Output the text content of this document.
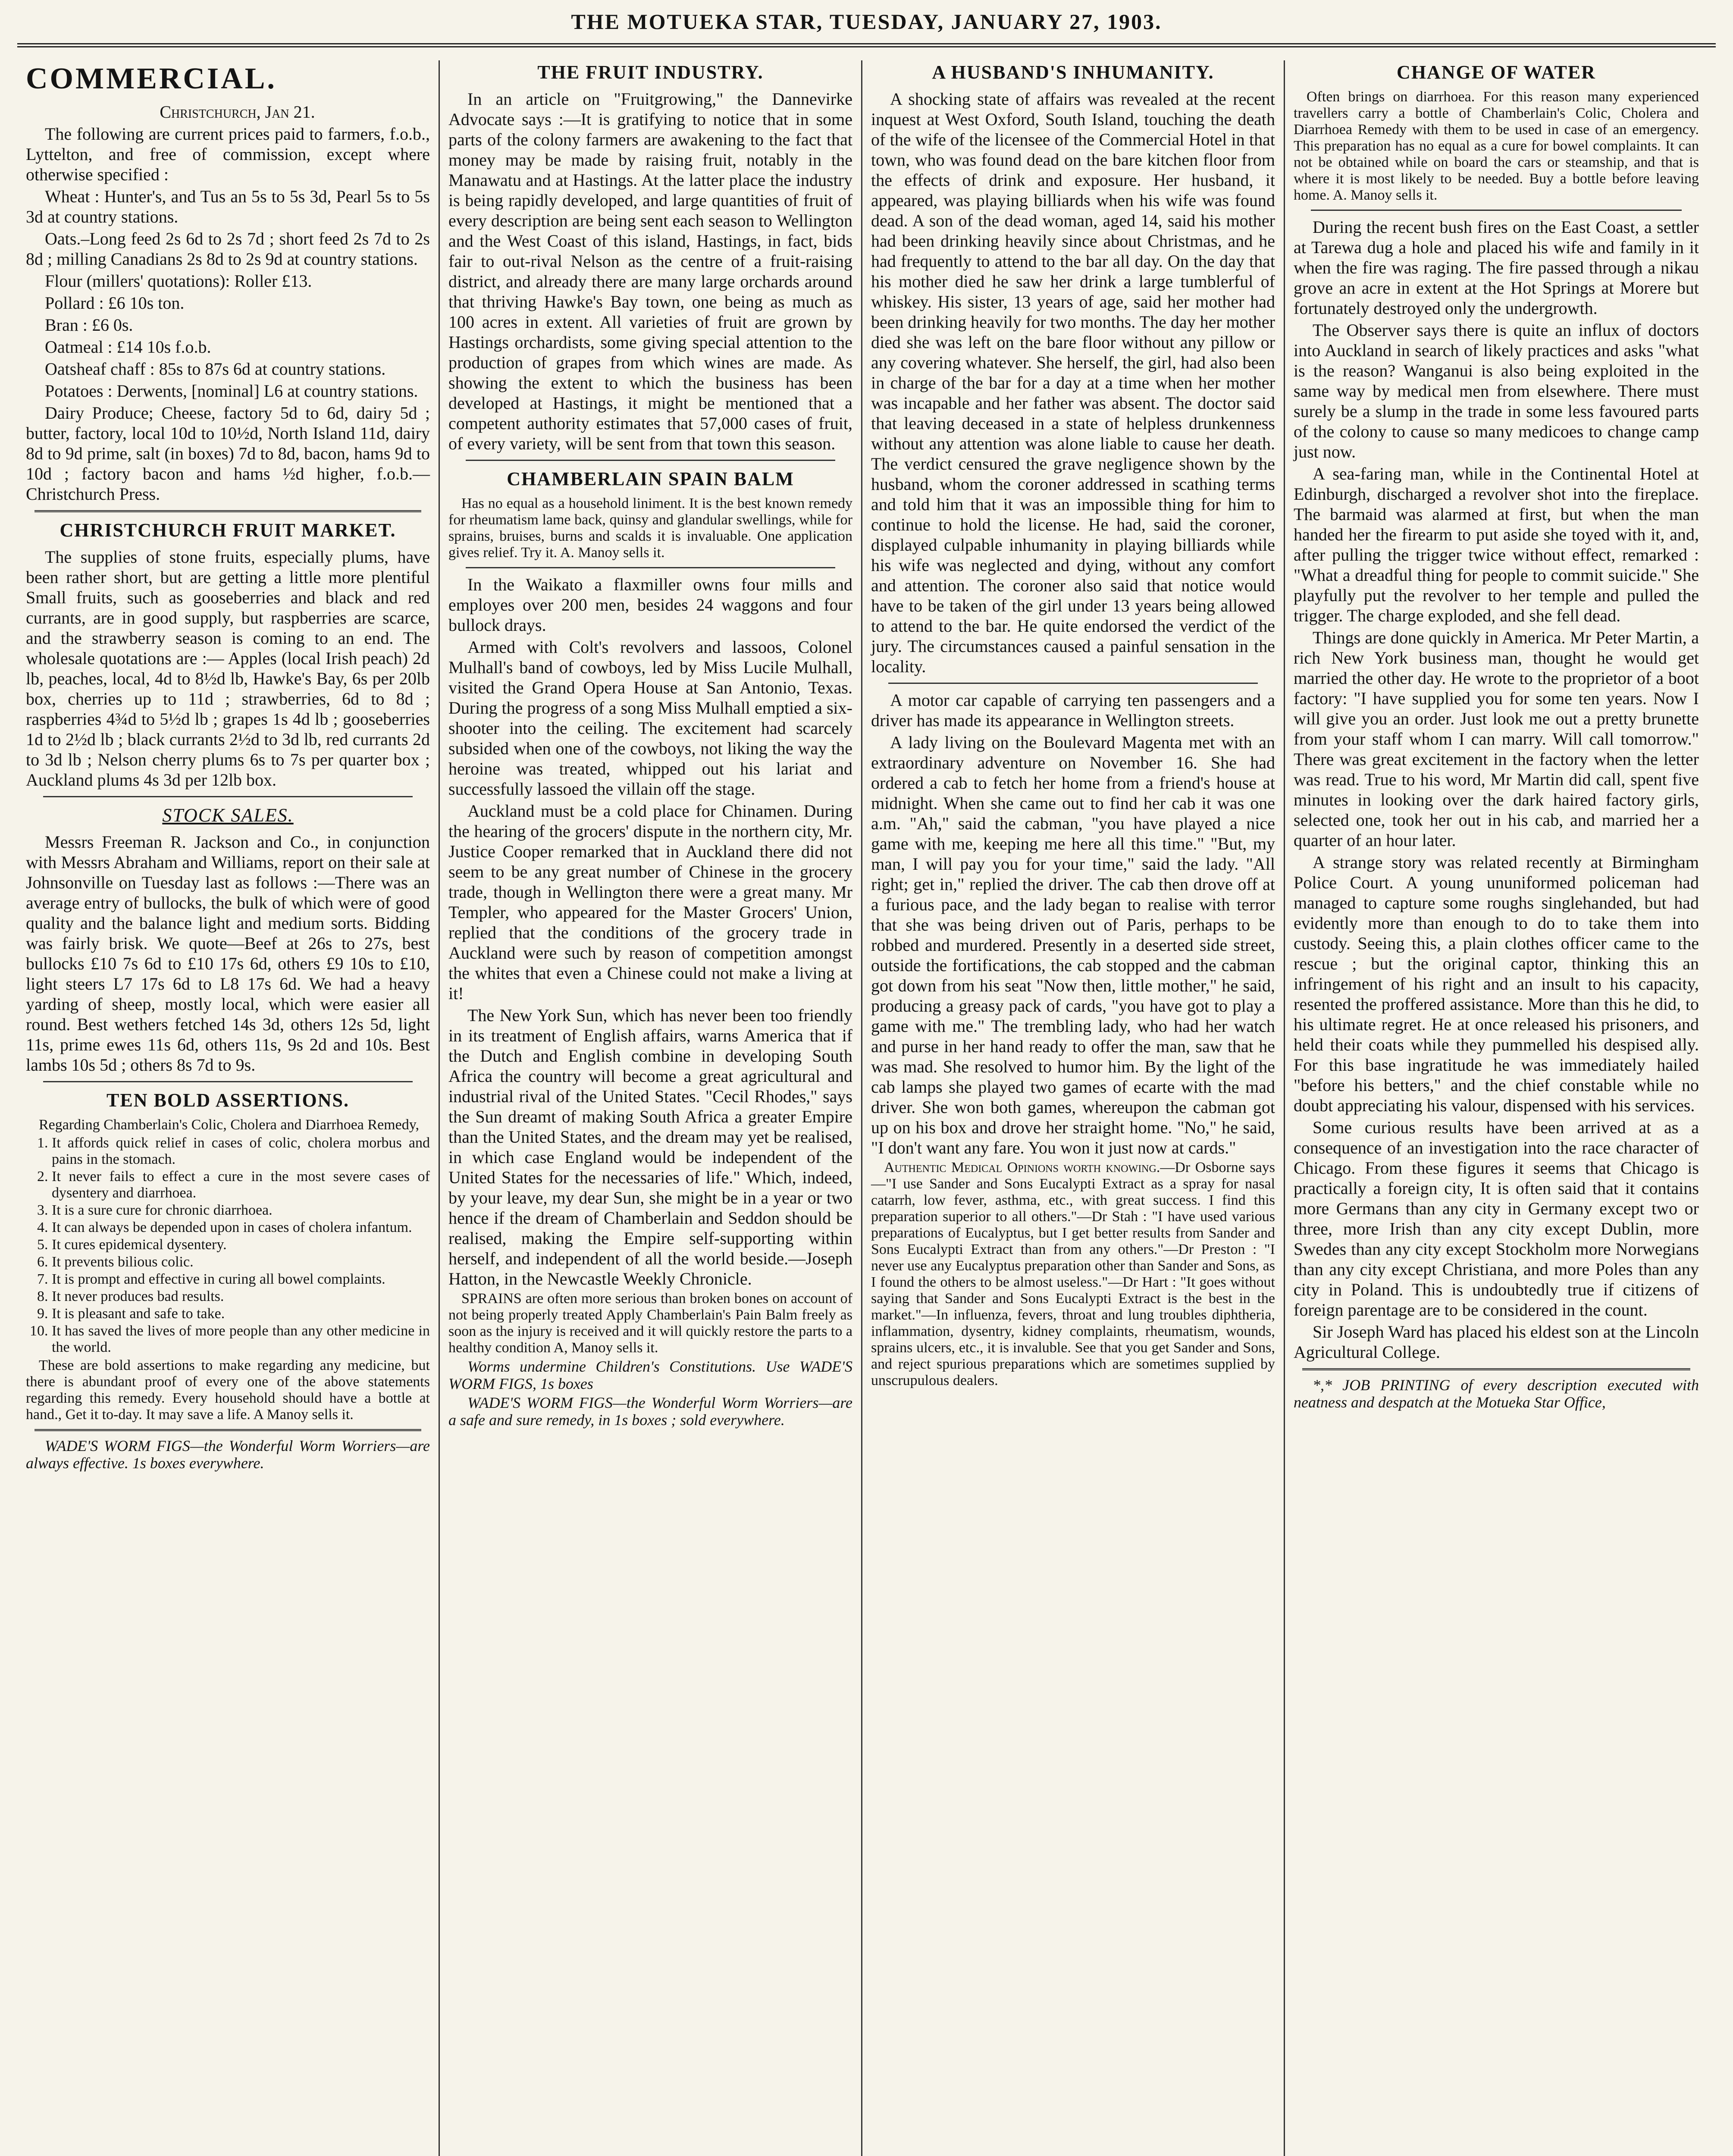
THE MOTUEKA STAR, TUESDAY, JANUARY 27, 1903.
COMMERCIAL.

Christchurch, Jan 21.

The following are current prices paid to farmers, f.o.b., Lyttelton, and free of commission, except where otherwise specified :

Wheat : Hunter's, and Tus an 5s to 5s 3d, Pearl 5s to 5s 3d at country stations.

Oats.–Long feed 2s 6d to 2s 7d ; short feed 2s 7d to 2s 8d ; milling Canadians 2s 8d to 2s 9d at country stations.

Flour (millers' quotations): Roller £13.

Pollard : £6 10s ton.

Bran : £6 0s.

Oatmeal : £14 10s f.o.b.

Oatsheaf chaff : 85s to 87s 6d at country stations.

Potatoes : Derwents, [nominal] L6 at country stations.

Dairy Produce; Cheese, factory 5d to 6d, dairy 5d ; butter, factory, local 10d to 10½d, North Island 11d, dairy 8d to 9d prime, salt (in boxes) 7d to 8d, bacon, hams 9d to 10d ; factory bacon and hams ½d higher, f.o.b.—Christchurch Press.

CHRISTCHURCH FRUIT MARKET.

The supplies of stone fruits, especially plums, have been rather short, but are getting a little more plentiful Small fruits, such as gooseberries and black and red currants, are in good supply, but raspberries are scarce, and the strawberry season is coming to an end. The wholesale quotations are :— Apples (local Irish peach) 2d lb, peaches, local, 4d to 8½d lb, Hawke's Bay, 6s per 20lb box, cherries up to 11d ; strawberries, 6d to 8d ; raspberries 4¾d to 5½d lb ; grapes 1s 4d lb ; gooseberries 1d to 2½d lb ; black currants 2½d to 3d lb, red currants 2d to 3d lb ; Nelson cherry plums 6s to 7s per quarter box ; Auckland plums 4s 3d per 12lb box.

STOCK SALES.

Messrs Freeman R. Jackson and Co., in conjunction with Messrs Abraham and Williams, report on their sale at Johnsonville on Tuesday last as follows :—There was an average entry of bullocks, the bulk of which were of good quality and the balance light and medium sorts. Bidding was fairly brisk. We quote—Beef at 26s to 27s, best bullocks £10 7s 6d to £10 17s 6d, others £9 10s to £10, light steers L7 17s 6d to L8 17s 6d. We had a heavy yarding of sheep, mostly local, which were easier all round. Best wethers fetched 14s 3d, others 12s 5d, light 11s, prime ewes 11s 6d, others 11s, 9s 2d and 10s. Best lambs 10s 5d ; others 8s 7d to 9s.

TEN BOLD ASSERTIONS.

Regarding Chamberlain's Colic, Cholera and Diarrhoea Remedy,

1. It affords quick relief in cases of colic, cholera morbus and pains in the stomach.
2. It never fails to effect a cure in the most severe cases of dysentery and diarrhoea.
3. It is a sure cure for chronic diarrhoea.
4. It can always be depended upon in cases of cholera infantum.
5. It cures epidemical dysentery.
6. It prevents bilious colic.
7. It is prompt and effective in curing all bowel complaints.
8. It never produces bad results.
9. It is pleasant and safe to take.
10. It has saved the lives of more people than any other medicine in the world.

These are bold assertions to make regarding any medicine, but there is abundant proof of every one of the above statements regarding this remedy. Every household should have a bottle at hand., Get it to-day. It may save a life. A Manoy sells it.

WADE'S WORM FIGS—the Wonderful Worm Worriers—are always effective. 1s boxes everywhere.

THE FRUIT INDUSTRY.

In an article on "Fruitgrowing," the Dannevirke Advocate says :—It is gratifying to notice that in some parts of the colony farmers are awakening to the fact that money may be made by raising fruit, notably in the Manawatu and at Hastings. At the latter place the industry is being rapidly developed, and large quantities of fruit of every description are being sent each season to Wellington and the West Coast of this island, Hastings, in fact, bids fair to out-rival Nelson as the centre of a fruit-raising district, and already there are many large orchards around that thriving Hawke's Bay town, one being as much as 100 acres in extent. All varieties of fruit are grown by Hastings orchardists, some giving special attention to the production of grapes from which wines are made. As showing the extent to which the business has been developed at Hastings, it might be mentioned that a competent authority estimates that 57,000 cases of fruit, of every variety, will be sent from that town this season.

CHAMBERLAIN SPAIN BALM

Has no equal as a household liniment. It is the best known remedy for rheumatism lame back, quinsy and glandular swellings, while for sprains, bruises, burns and scalds it is invaluable. One application gives relief. Try it. A. Manoy sells it.

In the Waikato a flaxmiller owns four mills and employes over 200 men, besides 24 waggons and four bullock drays.

Armed with Colt's revolvers and lassoos, Colonel Mulhall's band of cowboys, led by Miss Lucile Mulhall, visited the Grand Opera House at San Antonio, Texas. During the progress of a song Miss Mulhall emptied a six-shooter into the ceiling. The excitement had scarcely subsided when one of the cowboys, not liking the way the heroine was treated, whipped out his lariat and successfully lassoed the villain off the stage.

Auckland must be a cold place for Chinamen. During the hearing of the grocers' dispute in the northern city, Mr. Justice Cooper remarked that in Auckland there did not seem to be any great number of Chinese in the grocery trade, though in Wellington there were a great many. Mr Templer, who appeared for the Master Grocers' Union, replied that the conditions of the grocery trade in Auckland were such by reason of competition amongst the whites that even a Chinese could not make a living at it!

The New York Sun, which has never been too friendly in its treatment of English affairs, warns America that if the Dutch and English combine in developing South Africa the country will become a great agricultural and industrial rival of the United States. "Cecil Rhodes," says the Sun dreamt of making South Africa a greater Empire than the United States, and the dream may yet be realised, in which case England would be independent of the United States for the necessaries of life." Which, indeed, by your leave, my dear Sun, she might be in a year or two hence if the dream of Chamberlain and Seddon should be realised, making the Empire self-supporting within herself, and independent of all the world beside.—Joseph Hatton, in the Newcastle Weekly Chronicle.

SPRAINS are often more serious than broken bones on account of not being properly treated Apply Chamberlain's Pain Balm freely as soon as the injury is received and it will quickly restore the parts to a healthy condition A, Manoy sells it.

Worms undermine Children's Constitutions. Use WADE'S WORM FIGS, 1s boxes

WADE'S WORM FIGS—the Wonderful Worm Worriers—are a safe and sure remedy, in 1s boxes ; sold everywhere.

A HUSBAND'S INHUMANITY.

A shocking state of affairs was revealed at the recent inquest at West Oxford, South Island, touching the death of the wife of the licensee of the Commercial Hotel in that town, who was found dead on the bare kitchen floor from the effects of drink and exposure. Her husband, it appeared, was playing billiards when his wife was found dead. A son of the dead woman, aged 14, said his mother had been drinking heavily since about Christmas, and he had frequently to attend to the bar all day. On the day that his mother died he saw her drink a large tumblerful of whiskey. His sister, 13 years of age, said her mother had been drinking heavily for two months. The day her mother died she was left on the bare floor without any pillow or any covering whatever. She herself, the girl, had also been in charge of the bar for a day at a time when her mother was incapable and her father was absent. The doctor said that leaving deceased in a state of helpless drunkenness without any attention was alone liable to cause her death. The verdict censured the grave negligence shown by the husband, whom the coroner addressed in scathing terms and told him that it was an impossible thing for him to continue to hold the license. He had, said the coroner, displayed culpable inhumanity in playing billiards while his wife was neglected and dying, without any comfort and attention. The coroner also said that notice would have to be taken of the girl under 13 years being allowed to attend to the bar. He quite endorsed the verdict of the jury. The circumstances caused a painful sensation in the locality.

A motor car capable of carrying ten passengers and a driver has made its appearance in Wellington streets.

A lady living on the Boulevard Magenta met with an extraordinary adventure on November 16. She had ordered a cab to fetch her home from a friend's house at midnight. When she came out to find her cab it was one a.m. "Ah," said the cabman, "you have played a nice game with me, keeping me here all this time." "But, my man, I will pay you for your time," said the lady. "All right; get in," replied the driver. The cab then drove off at a furious pace, and the lady began to realise with terror that she was being driven out of Paris, perhaps to be robbed and murdered. Presently in a deserted side street, outside the fortifications, the cab stopped and the cabman got down from his seat "Now then, little mother," he said, producing a greasy pack of cards, "you have got to play a game with me." The trembling lady, who had her watch and purse in her hand ready to offer the man, saw that he was mad. She resolved to humor him. By the light of the cab lamps she played two games of ecarte with the mad driver. She won both games, whereupon the cabman got up on his box and drove her straight home. "No," he said, "I don't want any fare. You won it just now at cards."

Authentic Medical Opinions worth knowing.—Dr Osborne says—"I use Sander and Sons Eucalypti Extract as a spray for nasal catarrh, low fever, asthma, etc., with great success. I find this preparation superior to all others."—Dr Stah : "I have used various preparations of Eucalyptus, but I get better results from Sander and Sons Eucalypti Extract than from any others."—Dr Preston : "I never use any Eucalyptus preparation other than Sander and Sons, as I found the others to be almost useless."—Dr Hart : "It goes without saying that Sander and Sons Eucalypti Extract is the best in the market."—In influenza, fevers, throat and lung troubles diphtheria, inflammation, dysentry, kidney complaints, rheumatism, wounds, sprains ulcers, etc., it is invaluble. See that you get Sander and Sons, and reject spurious preparations which are sometimes supplied by unscrupulous dealers.

CHANGE OF WATER

Often brings on diarrhoea. For this reason many experienced travellers carry a bottle of Chamberlain's Colic, Cholera and Diarrhoea Remedy with them to be used in case of an emergency. This preparation has no equal as a cure for bowel complaints. It can not be obtained while on board the cars or steamship, and that is where it is most likely to be needed. Buy a bottle before leaving home. A. Manoy sells it.

During the recent bush fires on the East Coast, a settler at Tarewa dug a hole and placed his wife and family in it when the fire was raging. The fire passed through a nikau grove an acre in extent at the Hot Springs at Morere but fortunately destroyed only the undergrowth.

The Observer says there is quite an influx of doctors into Auckland in search of likely practices and asks "what is the reason? Wanganui is also being exploited in the same way by medical men from elsewhere. There must surely be a slump in the trade in some less favoured parts of the colony to cause so many medicoes to change camp just now.

A sea-faring man, while in the Continental Hotel at Edinburgh, discharged a revolver shot into the fireplace. The barmaid was alarmed at first, but when the man handed her the firearm to put aside she toyed with it, and, after pulling the trigger twice without effect, remarked : "What a dreadful thing for people to commit suicide." She playfully put the revolver to her temple and pulled the trigger. The charge exploded, and she fell dead.

Things are done quickly in America. Mr Peter Martin, a rich New York business man, thought he would get married the other day. He wrote to the proprietor of a boot factory: "I have supplied you for some ten years. Now I will give you an order. Just look me out a pretty brunette from your staff whom I can marry. Will call tomorrow." There was great excitement in the factory when the letter was read. True to his word, Mr Martin did call, spent five minutes in looking over the dark haired factory girls, selected one, took her out in his cab, and married her a quarter of an hour later.

A strange story was related recently at Birmingham Police Court. A young ununiformed policeman had managed to capture some roughs singlehanded, but had evidently more than enough to do to take them into custody. Seeing this, a plain clothes officer came to the rescue ; but the original captor, thinking this an infringement of his right and an insult to his capacity, resented the proffered assistance. More than this he did, to his ultimate regret. He at once released his prisoners, and held their coats while they pummelled his despised ally. For this base ingratitude he was immediately hailed "before his betters," and the chief constable while no doubt appreciating his valour, dispensed with his services.

Some curious results have been arrived at as a consequence of an investigation into the race character of Chicago. From these figures it seems that Chicago is practically a foreign city, It is often said that it contains more Germans than any city in Germany except two or three, more Irish than any city except Dublin, more Swedes than any city except Stockholm more Norwegians than any city except Christiana, and more Poles than any city in Poland. This is undoubtedly true if citizens of foreign parentage are to be considered in the count.

Sir Joseph Ward has placed his eldest son at the Lincoln Agricultural College.

*,* JOB PRINTING of every description executed with neatness and despatch at the Motueka Star Office,
